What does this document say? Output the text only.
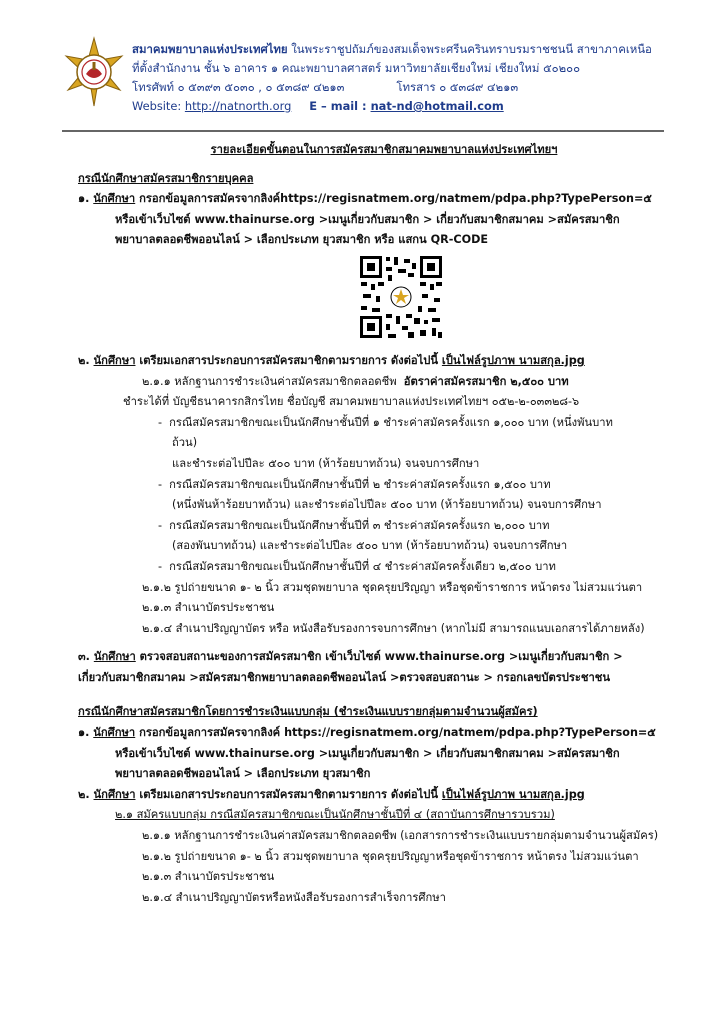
สมาคมพยาบาลแห่งประเทศไทย ในพระราชูปถัมภ์ของสมเด็จพระศรีนครินทราบรมราชชนนี สาขาภาคเหนือ
ที่ตั้งสำนักงาน ชั้น ๖ อาคาร ๑ คณะพยาบาลศาสตร์ มหาวิทยาลัยเชียงใหม่ เชียงใหม่ ๕๐๒๐๐
โทรศัพท์ ๐ ๕๓๙๓ ๕๐๓๐ , ๐ ๕๓๘๙ ๔๒๑๓	โทรสาร ๐ ๕๓๘๙ ๔๒๑๓
Website: http://natnorth.org E – mail : nat-nd@hotmail.com
รายละเอียดขั้นตอนในการสมัครสมาชิกสมาคมพยาบาลแห่งประเทศไทยฯ
กรณีนักศึกษาสมัครสมาชิกรายบุคคล
๑. นักศึกษา กรอกข้อมูลการสมัครจากลิงค์https://regisnatmem.org/natmem/pdpa.php?TypePerson=๕
หรือเข้าเว็บไซต์ www.thainurse.org >เมนูเกี่ยวกับสมาชิก > เกี่ยวกับสมาชิกสมาคม >สมัครสมาชิก
พยาบาลตลอดชีพออนไลน์ > เลือกประเภท ยุวสมาชิก หรือ แสกน QR-CODE
๒. นักศึกษา เตรียมเอกสารประกอบการสมัครสมาชิกตามรายการ ดังต่อไปนี้ เป็นไฟล์รูปภาพ นามสกุล.jpg
๒.๑.๑ หลักฐานการชำระเงินค่าสมัครสมาชิกตลอดชีพ อัตราค่าสมัครสมาชิก ๒,๕๐๐ บาท
ชำระได้ที่ บัญชีธนาคารกสิกรไทย ชื่อบัญชี สมาคมพยาบาลแห่งประเทศไทยฯ ๐๕๒-๒-๐๓๓๒๘-๖
-  กรณีสมัครสมาชิกขณะเป็นนักศึกษาชั้นปีที่ ๑ ชำระค่าสมัครครั้งแรก ๑,๐๐๐ บาท (หนึ่งพันบาท
ถ้วน)
และชำระต่อไปปีละ ๕๐๐ บาท (ห้าร้อยบาทถ้วน) จนจบการศึกษา
-  กรณีสมัครสมาชิกขณะเป็นนักศึกษาชั้นปีที่ ๒ ชำระค่าสมัครครั้งแรก ๑,๕๐๐ บาท
(หนึ่งพันห้าร้อยบาทถ้วน) และชำระต่อไปปีละ ๕๐๐ บาท (ห้าร้อยบาทถ้วน) จนจบการศึกษา
-  กรณีสมัครสมาชิกขณะเป็นนักศึกษาชั้นปีที่ ๓ ชำระค่าสมัครครั้งแรก ๒,๐๐๐ บาท
(สองพันบาทถ้วน) และชำระต่อไปปีละ ๕๐๐ บาท (ห้าร้อยบาทถ้วน) จนจบการศึกษา
-  กรณีสมัครสมาชิกขณะเป็นนักศึกษาชั้นปีที่ ๔ ชำระค่าสมัครครั้งเดียว ๒,๕๐๐ บาท
๒.๑.๒ รูปถ่ายขนาด ๑- ๒ นิ้ว สวมชุดพยาบาล ชุดครุยปริญญา หรือชุดข้าราชการ หน้าตรง ไม่สวมแว่นตา
๒.๑.๓ สำเนาบัตรประชาชน
๒.๑.๔ สำเนาปริญญาบัตร หรือ หนังสือรับรองการจบการศึกษา (หากไม่มี สามารถแนบเอกสารได้ภายหลัง)
๓. นักศึกษา ตรวจสอบสถานะของการสมัครสมาชิก เข้าเว็บไซต์ www.thainurse.org >เมนูเกี่ยวกับสมาชิก >
เกี่ยวกับสมาชิกสมาคม >สมัครสมาชิกพยาบาลตลอดชีพออนไลน์ >ตรวจสอบสถานะ > กรอกเลขบัตรประชาชน
กรณีนักศึกษาสมัครสมาชิกโดยการชำระเงินแบบกลุ่ม (ชำระเงินแบบรายกลุ่มตามจำนวนผู้สมัคร)
๑. นักศึกษา กรอกข้อมูลการสมัครจากลิงค์ https://regisnatmem.org/natmem/pdpa.php?TypePerson=๕
หรือเข้าเว็บไซต์ www.thainurse.org >เมนูเกี่ยวกับสมาชิก > เกี่ยวกับสมาชิกสมาคม >สมัครสมาชิก
พยาบาลตลอดชีพออนไลน์ > เลือกประเภท ยุวสมาชิก
๒. นักศึกษา เตรียมเอกสารประกอบการสมัครสมาชิกตามรายการ ดังต่อไปนี้ เป็นไฟล์รูปภาพ นามสกุล.jpg
๒.๑ สมัครแบบกลุ่ม กรณีสมัครสมาชิกขณะเป็นนักศึกษาชั้นปีที่ ๔ (สถาบันการศึกษารวบรวม)
๒.๑.๑ หลักฐานการชำระเงินค่าสมัครสมาชิกตลอดชีพ (เอกสารการชำระเงินแบบรายกลุ่มตามจำนวนผู้สมัคร)
๒.๑.๒ รูปถ่ายขนาด ๑- ๒ นิ้ว สวมชุดพยาบาล ชุดครุยปริญญาหรือชุดข้าราชการ หน้าตรง ไม่สวมแว่นตา
๒.๑.๓ สำเนาบัตรประชาชน
๒.๑.๔ สำเนาปริญญาบัตรหรือหนังสือรับรองการสำเร็จการศึกษา
